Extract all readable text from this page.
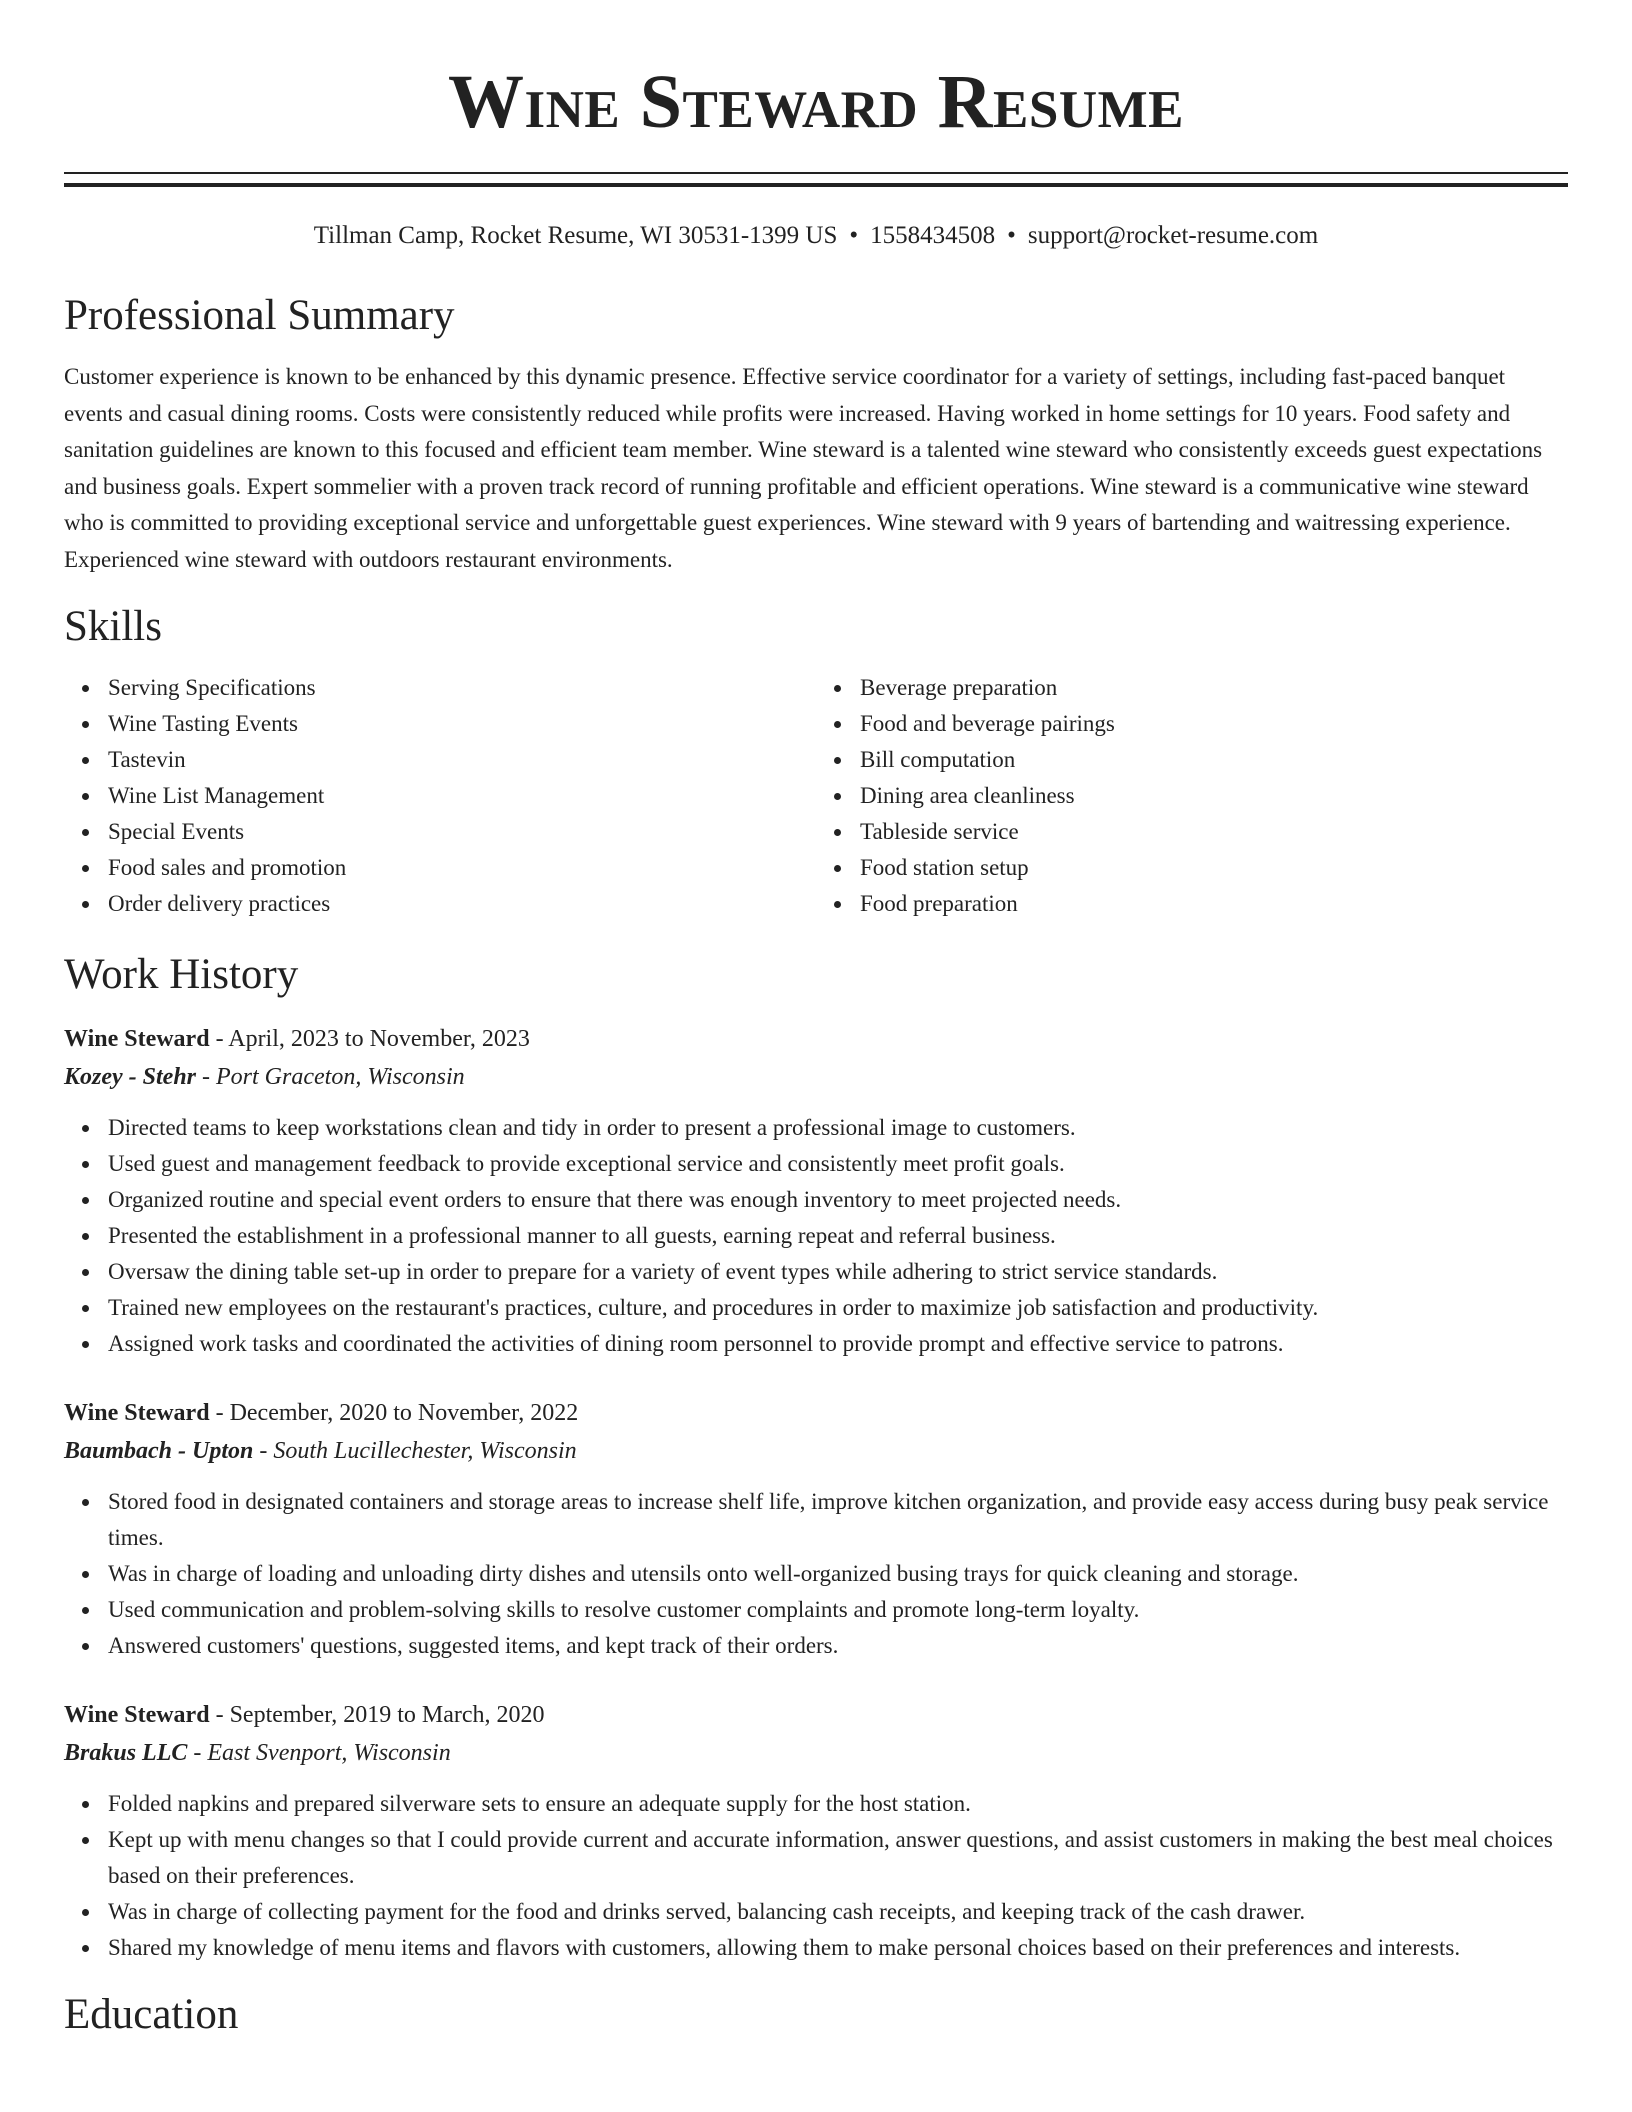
Wine Steward Resume
Tillman Camp, Rocket Resume, WI 30531-1399 US • 1558434508 • support@rocket-resume.com
Professional Summary

Customer experience is known to be enhanced by this dynamic presence. Effective service coordinator for a variety of settings, including fast-paced banquet events and casual dining rooms. Costs were consistently reduced while profits were increased. Having worked in home settings for 10 years. Food safety and sanitation guidelines are known to this focused and efficient team member. Wine steward is a talented wine steward who consistently exceeds guest expectations and business goals. Expert sommelier with a proven track record of running profitable and efficient operations. Wine steward is a communicative wine steward who is committed to providing exceptional service and unforgettable guest experiences. Wine steward with 9 years of bartending and waitressing experience. Experienced wine steward with outdoors restaurant environments.

Skills
Serving Specifications
Wine Tasting Events
Tastevin
Wine List Management
Special Events
Food sales and promotion
Order delivery practices
Beverage preparation
Food and beverage pairings
Bill computation
Dining area cleanliness
Tableside service
Food station setup
Food preparation
Work History
Wine Steward - April, 2023 to November, 2023
Kozey - Stehr - Port Graceton, Wisconsin
Directed teams to keep workstations clean and tidy in order to present a professional image to customers.
Used guest and management feedback to provide exceptional service and consistently meet profit goals.
Organized routine and special event orders to ensure that there was enough inventory to meet projected needs.
Presented the establishment in a professional manner to all guests, earning repeat and referral business.
Oversaw the dining table set-up in order to prepare for a variety of event types while adhering to strict service standards.
Trained new employees on the restaurant's practices, culture, and procedures in order to maximize job satisfaction and productivity.
Assigned work tasks and coordinated the activities of dining room personnel to provide prompt and effective service to patrons.
Wine Steward - December, 2020 to November, 2022
Baumbach - Upton - South Lucillechester, Wisconsin
Stored food in designated containers and storage areas to increase shelf life, improve kitchen organization, and provide easy access during busy peak service times.
Was in charge of loading and unloading dirty dishes and utensils onto well-organized busing trays for quick cleaning and storage.
Used communication and problem-solving skills to resolve customer complaints and promote long-term loyalty.
Answered customers' questions, suggested items, and kept track of their orders.
Wine Steward - September, 2019 to March, 2020
Brakus LLC - East Svenport, Wisconsin
Folded napkins and prepared silverware sets to ensure an adequate supply for the host station.
Kept up with menu changes so that I could provide current and accurate information, answer questions, and assist customers in making the best meal choices based on their preferences.
Was in charge of collecting payment for the food and drinks served, balancing cash receipts, and keeping track of the cash drawer.
Shared my knowledge of menu items and flavors with customers, allowing them to make personal choices based on their preferences and interests.
Education
